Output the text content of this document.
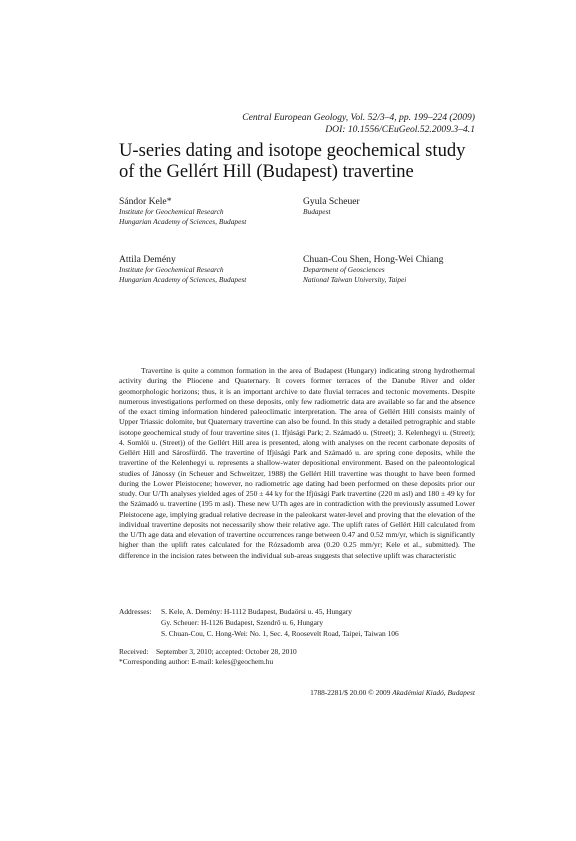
Central European Geology, Vol. 52/3–4, pp. 199–224 (2009)
DOI: 10.1556/CEuGeol.52.2009.3–4.1
U-series dating and isotope geochemical study
of the Gellért Hill (Budapest) travertine
Sándor Kele*
Institute for Geochemical Research
Hungarian Academy of Sciences, Budapest
Gyula Scheuer
Budapest
Attila Demény
Institute for Geochemical Research
Hungarian Academy of Sciences, Budapest
Chuan-Cou Shen, Hong-Wei Chiang
Department of Geosciences
National Taiwan University, Taipei
Travertine is quite a common formation in the area of Budapest (Hungary) indicating strong hydrothermal activity during the Pliocene and Quaternary. It covers former terraces of the Danube River and older geomorphologic horizons; thus, it is an important archive to date fluvial terraces and tectonic movements. Despite numerous investigations performed on these deposits, only few radiometric data are available so far and the absence of the exact timing information hindered paleoclimatic interpretation. The area of Gellért Hill consists mainly of Upper Triassic dolomite, but Quaternary travertine can also be found. In this study a detailed petrographic and stable isotope geochemical study of four travertine sites (1. Ifjúsági Park; 2. Számadó u. (Street); 3. Kelenhegyi u. (Street); 4. Somlói u. (Street)) of the Gellért Hill area is presented, along with analyses on the recent carbonate deposits of Gellért Hill and Sárosfürdő. The travertine of Ifjúsági Park and Számadó u. are spring cone deposits, while the travertine of the Kelenhegyi u. represents a shallow-water depositional environment. Based on the paleontological studies of Jánossy (in Scheuer and Schweitzer, 1988) the Gellért Hill travertine was thought to have been formed during the Lower Pleistocene; however, no radiometric age dating had been performed on these deposits prior our study. Our U/Th analyses yielded ages of 250 ± 44 ky for the Ifjúsági Park travertine (220 m asl) and 180 ± 49 ky for the Számadó u. travertine (195 m asl). These new U/Th ages are in contradiction with the previously assumed Lower Pleistocene age, implying gradual relative decrease in the paleokarst water-level and proving that the elevation of the individual travertine deposits not necessarily show their relative age. The uplift rates of Gellért Hill calculated from the U/Th age data and elevation of travertine occurrences range between 0.47 and 0.52 mm/yr, which is significantly higher than the uplift rates calculated for the Rózsadomb area (0.20 0.25 mm/yr; Kele et al., submitted). The difference in the incision rates between the individual sub-areas suggests that selective uplift was characteristic
Addresses: S. Kele, A. Demény: H-1112 Budapest, Budaörsi u. 45, Hungary
Gy. Scheuer: H-1126 Budapest, Szendrő u. 6, Hungary
S. Chuan-Cou, C. Hong-Wei: No. 1, Sec. 4, Roosevelt Road, Taipei, Taiwan 106
Received:    September 3, 2010; accepted: October 28, 2010
*Corresponding author: E-mail: keles@geochem.hu
1788-2281/$ 20.00 © 2009 Akadémiai Kiadó, Budapest
